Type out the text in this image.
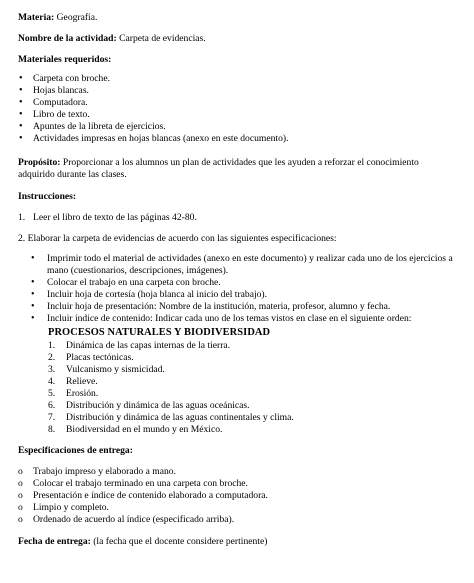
Materia: Geografía.

Nombre de la actividad: Carpeta de evidencias.

Materiales requeridos:

• Carpeta con broche.
• Hojas blancas.
• Computadora.
• Libro de texto.
• Apuntes de la libreta de ejercicios.
• Actividades impresas en hojas blancas (anexo en este documento).

Propósito: Proporcionar a los alumnos un plan de actividades que les ayuden a reforzar el conocimiento

adquirido durante las clases.

Instrucciones:

1. Leer el libro de texto de las páginas 42-80.

2. Elaborar la carpeta de evidencias de acuerdo con las siguientes especificaciones:

• Imprimir todo el material de actividades (anexo en este documento) y realizar cada uno de los ejercicios a
mano (cuestionarios, descripciones, imágenes).
• Colocar el trabajo en una carpeta con broche.
• Incluir hoja de cortesía (hoja blanca al inicio del trabajo).
• Incluir hoja de presentación: Nombre de la institución, materia, profesor, alumno y fecha.
• Incluir índice de contenido: Indicar cada uno de los temas vistos en clase en el siguiente orden:

PROCESOS NATURALES Y BIODIVERSIDAD

1. Dinámica de las capas internas de la tierra.
2. Placas tectónicas.
3. Vulcanismo y sismicidad.
4. Relieve.
5. Erosión.
6. Distribución y dinámica de las aguas oceánicas.
7. Distribución y dinámica de las aguas continentales y clima.
8. Biodiversidad en el mundo y en México.

Especificaciones de entrega:

o Trabajo impreso y elaborado a mano.
o Colocar el trabajo terminado en una carpeta con broche.
o Presentación e índice de contenido elaborado a computadora.
o Limpio y completo.
o Ordenado de acuerdo al índice (especificado arriba).

Fecha de entrega: (la fecha que el docente considere pertinente)
